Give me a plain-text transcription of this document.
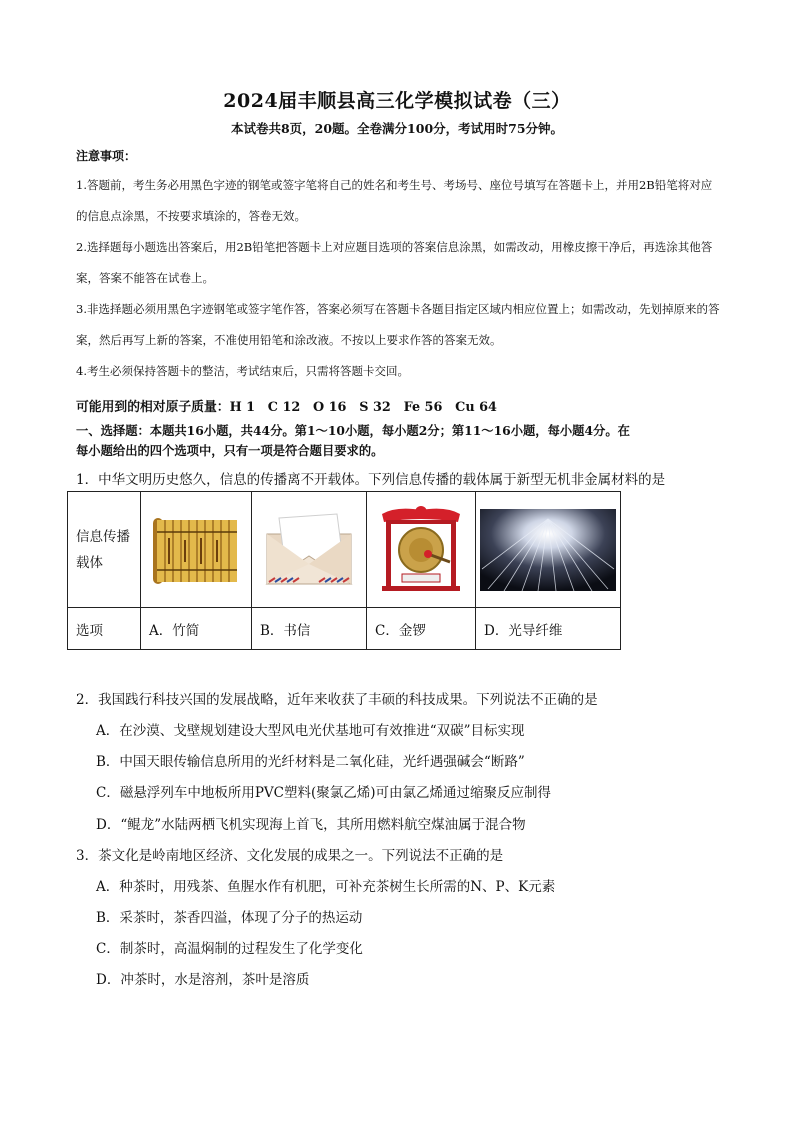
2024届丰顺县高三化学模拟试卷（三）
本试卷共8页，20题。全卷满分100分，考试用时75分钟。
注意事项：
1.答题前，考生务必用黑色字迹的钢笔或签字笔将自己的姓名和考生号、考场号、座位号填写在答题卡上，并用2B铅笔将对应的信息点涂黑，不按要求填涂的，答卷无效。
2.选择题每小题选出答案后，用2B铅笔把答题卡上对应题目选项的答案信息涂黑，如需改动，用橡皮擦干净后，再选涂其他答案，答案不能答在试卷上。
3.非选择题必须用黑色字迹钢笔或签字笔作答，答案必须写在答题卡各题目指定区域内相应位置上；如需改动，先划掉原来的答案，然后再写上新的答案，不准使用铅笔和涂改液。不按以上要求作答的答案无效。
4.考生必须保持答题卡的整洁，考试结束后，只需将答题卡交回。
可能用到的相对原子质量：H 1　C 12　O 16　S 32　Fe 56　Cu 64
一、选择题：本题共16小题，共44分。第1～10小题，每小题2分；第11～16小题，每小题4分。在
每小题给出的四个选项中，只有一项是符合题目要求的。
1．中华文明历史悠久，信息的传播离不开载体。下列信息传播的载体属于新型无机非金属材料的是
信息传播载体	

选项	A．竹简	B．书信	C．金锣	D．光导纤维
2．我国践行科技兴国的发展战略，近年来收获了丰硕的科技成果。下列说法不正确的是
A．在沙漠、戈壁规划建设大型风电光伏基地可有效推进“双碳”目标实现
B．中国天眼传输信息所用的光纤材料是二氧化硅，光纤遇强碱会“断路”
C．磁悬浮列车中地板所用PVC塑料(聚氯乙烯)可由氯乙烯通过缩聚反应制得
D．“鲲龙”水陆两栖飞机实现海上首飞，其所用燃料航空煤油属于混合物
3．茶文化是岭南地区经济、文化发展的成果之一。下列说法不正确的是
A．种茶时，用残茶、鱼腥水作有机肥，可补充茶树生长所需的N、P、K元素
B．采茶时，茶香四溢，体现了分子的热运动
C．制茶时，高温焖制的过程发生了化学变化
D．冲茶时，水是溶剂，茶叶是溶质
